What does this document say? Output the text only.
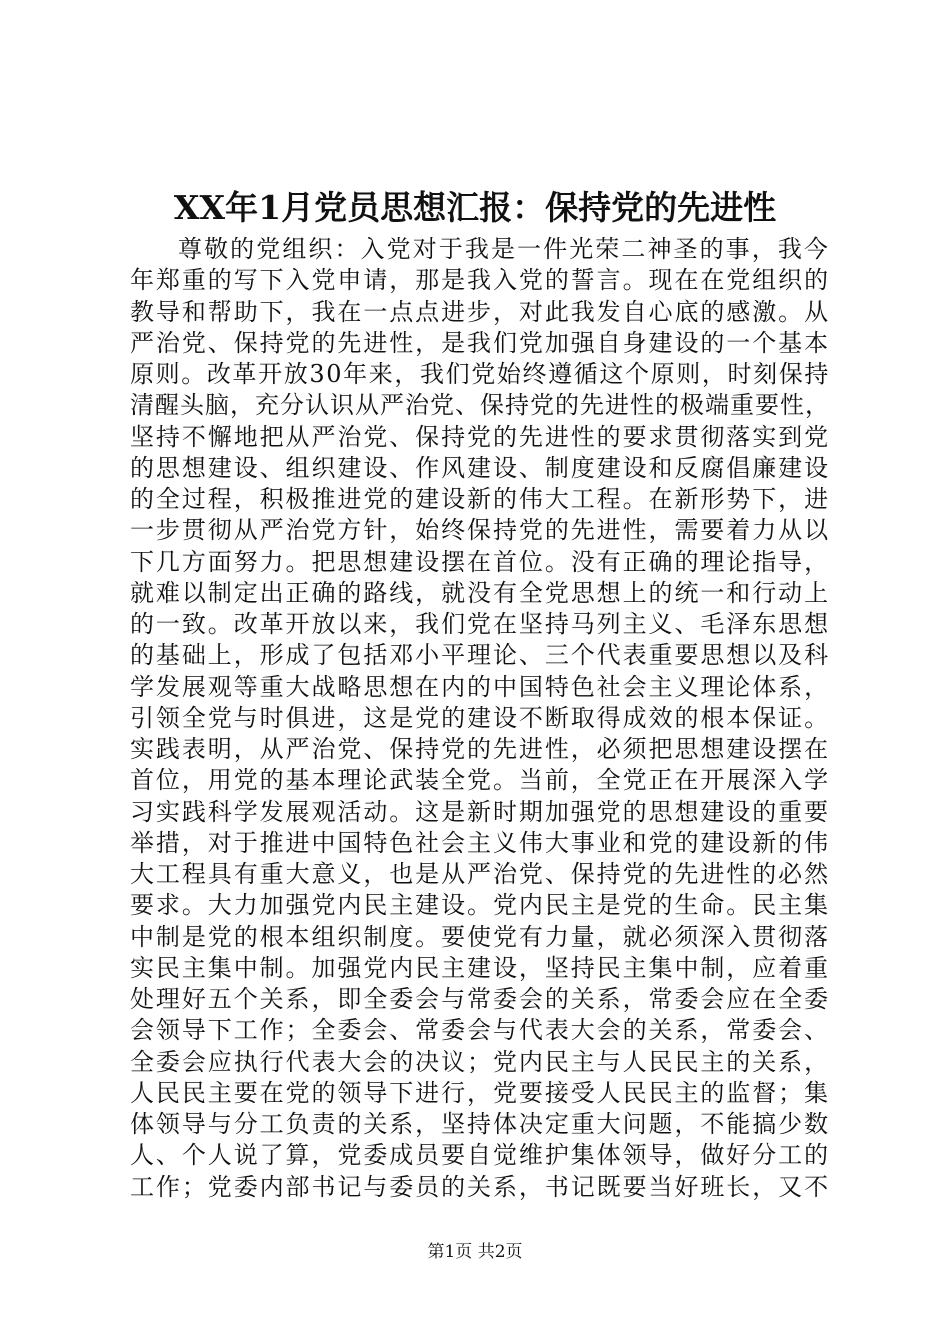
XX年1月党员思想汇报：保持党的先进性
尊敬的党组织：入党对于我是一件光荣二神圣的事，我今
年郑重的写下入党申请，那是我入党的誓言。现在在党组织的
教导和帮助下，我在一点点进步，对此我发自心底的感激。从
严治党、保持党的先进性，是我们党加强自身建设的一个基本
原则。改革开放30年来，我们党始终遵循这个原则，时刻保持
清醒头脑，充分认识从严治党、保持党的先进性的极端重要性，
坚持不懈地把从严治党、保持党的先进性的要求贯彻落实到党
的思想建设、组织建设、作风建设、制度建设和反腐倡廉建设
的全过程，积极推进党的建设新的伟大工程。在新形势下，进
一步贯彻从严治党方针，始终保持党的先进性，需要着力从以
下几方面努力。把思想建设摆在首位。没有正确的理论指导，
就难以制定出正确的路线，就没有全党思想上的统一和行动上
的一致。改革开放以来，我们党在坚持马列主义、毛泽东思想
的基础上，形成了包括邓小平理论、三个代表重要思想以及科
学发展观等重大战略思想在内的中国特色社会主义理论体系，
引领全党与时俱进，这是党的建设不断取得成效的根本保证。
实践表明，从严治党、保持党的先进性，必须把思想建设摆在
首位，用党的基本理论武装全党。当前，全党正在开展深入学
习实践科学发展观活动。这是新时期加强党的思想建设的重要
举措，对于推进中国特色社会主义伟大事业和党的建设新的伟
大工程具有重大意义，也是从严治党、保持党的先进性的必然
要求。大力加强党内民主建设。党内民主是党的生命。民主集
中制是党的根本组织制度。要使党有力量，就必须深入贯彻落
实民主集中制。加强党内民主建设，坚持民主集中制，应着重
处理好五个关系，即全委会与常委会的关系，常委会应在全委
会领导下工作；全委会、常委会与代表大会的关系，常委会、
全委会应执行代表大会的决议；党内民主与人民民主的关系，
人民民主要在党的领导下进行，党要接受人民民主的监督；集
体领导与分工负责的关系，坚持体决定重大问题，不能搞少数
人、个人说了算，党委成员要自觉维护集体领导，做好分工的
工作；党委内部书记与委员的关系，书记既要当好班长，又不
第1页 共2页
